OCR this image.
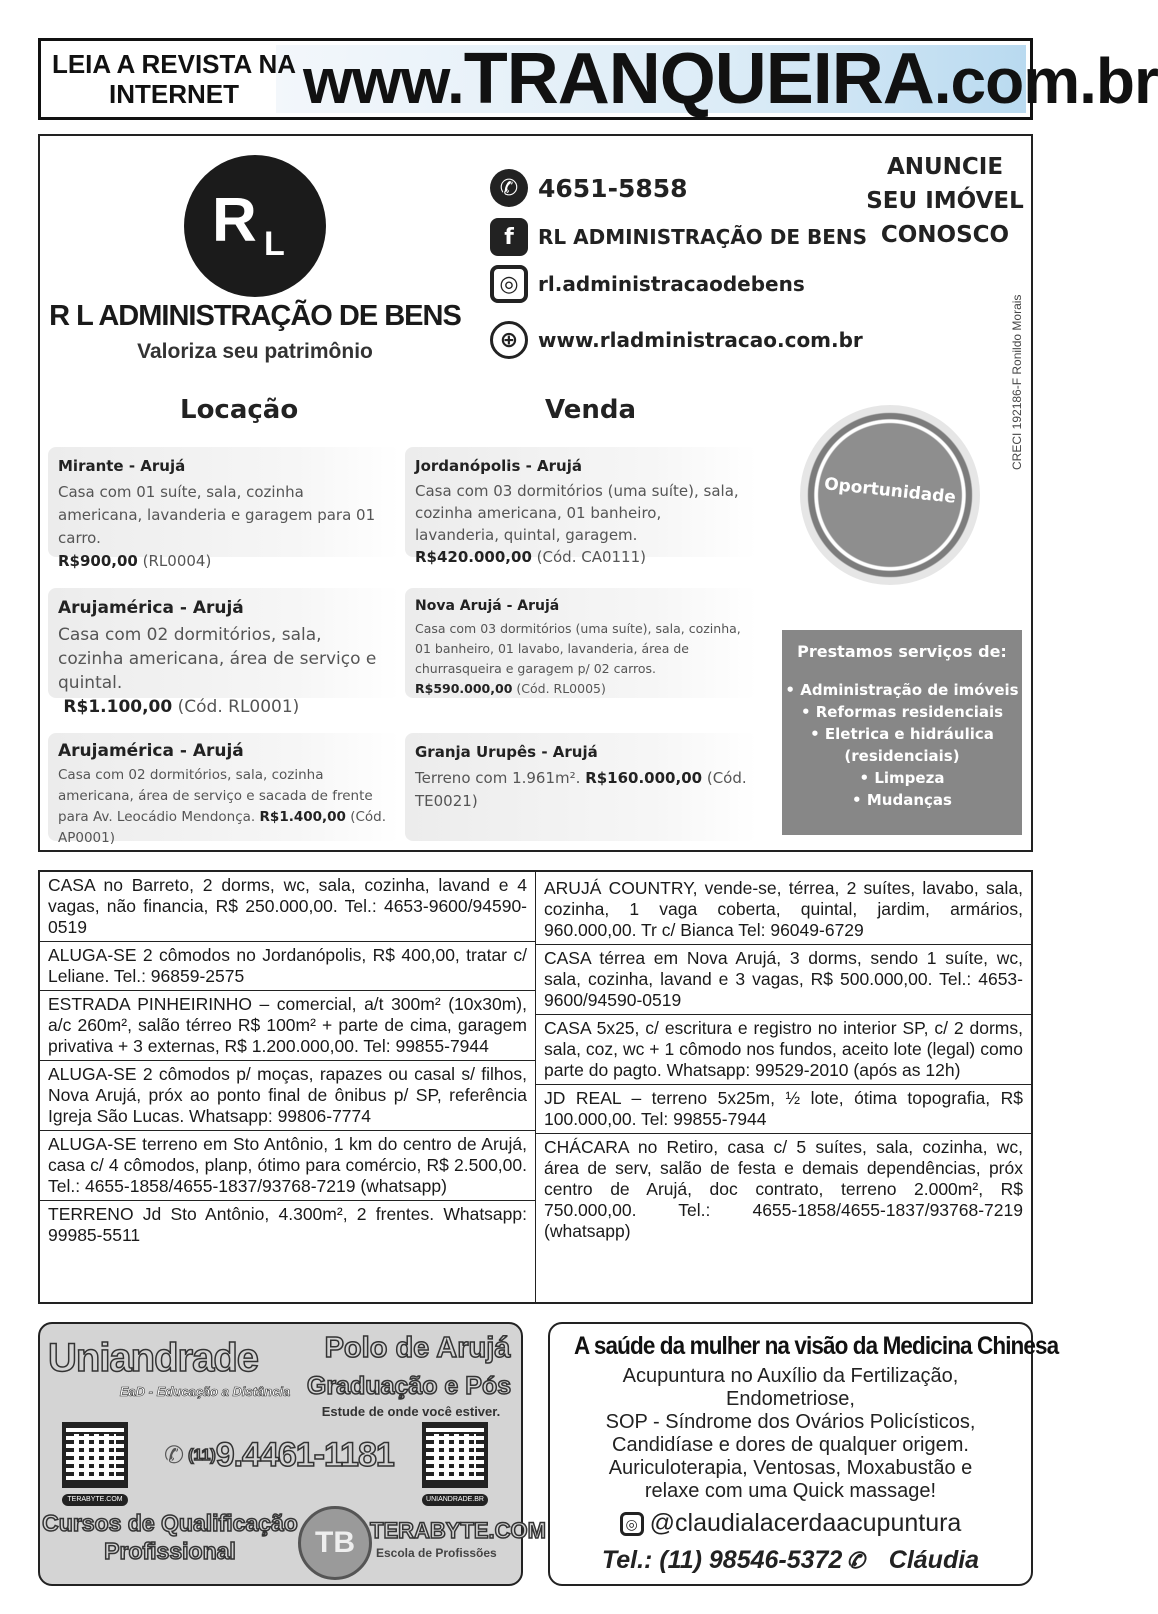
LEIA A REVISTA NA INTERNET	www.TRANQUEIRA.com.br
R L
R L ADMINISTRAÇÃO DE BENS
Valoriza seu patrimônio
✆ 4651-5858
f	RL ADMINISTRAÇÃO DE BENS
◎ rl.administracaodebens
⊕ www.rladministracao.com.br
ANUNCIE
SEU IMÓVEL
CONOSCO
CRECI 192186-F Ronildo Morais
Locação	Venda
Mirante - Arujá
Casa com 01 suíte, sala, cozinha americana, lavanderia e garagem para 01 carro.
R$900,00 (RL0004)
Arujamérica - Arujá
Casa com 02 dormitórios, sala, cozinha americana, área de serviço e quintal.
R$1.100,00 (Cód. RL0001)
Arujamérica - Arujá
Casa com 02 dormitórios, sala, cozinha americana, área de serviço e sacada de frente para Av. Leocádio Mendonça. R$1.400,00 (Cód. AP0001)
Jordanópolis - Arujá
Casa com 03 dormitórios (uma suíte), sala, cozinha americana, 01 banheiro, lavanderia, quintal, garagem. R$420.000,00 (Cód. CA0111)
Nova Arujá - Arujá
Casa com 03 dormitórios (uma suíte), sala, cozinha, 01 banheiro, 01 lavabo, lavanderia, área de churrasqueira e garagem p/ 02 carros. R$590.000,00 (Cód. RL0005)
Granja Urupês - Arujá
Terreno com 1.961m². R$160.000,00 (Cód. TE0021)
Oportunidade
Prestamos serviços de:
• Administração de imóveis
• Reformas residenciais
• Eletrica e hidráulica
(residenciais)
• Limpeza
• Mudanças
CASA no Barreto, 2 dorms, wc, sala, cozinha, lavand e 4 vagas, não financia, R$ 250.000,00. Tel.: 4653-9600/94590-0519
ALUGA-SE 2 cômodos no Jordanópolis, R$ 400,00, tratar c/ Leliane. Tel.: 96859-2575
ESTRADA PINHEIRINHO – comercial, a/t 300m² (10x30m), a/c 260m², salão térreo R$ 100m² + parte de cima, garagem privativa + 3 externas, R$ 1.200.000,00. Tel: 99855-7944
ALUGA-SE 2 cômodos p/ moças, rapazes ou casal s/ filhos, Nova Arujá, próx ao ponto final de ônibus p/ SP, referência Igreja São Lucas. Whatsapp: 99806-7774
ALUGA-SE terreno em Sto Antônio, 1 km do centro de Arujá, casa c/ 4 cômodos, planp, ótimo para comércio, R$ 2.500,00. Tel.: 4655-1858/4655-1837/93768-7219 (whatsapp)
TERRENO Jd Sto Antônio, 4.300m², 2 frentes. Whatsapp: 99985-5511
ARUJÁ COUNTRY, vende-se, térrea, 2 suítes, lavabo, sala, cozinha, 1 vaga coberta, quintal, jardim, armários, 960.000,00. Tr c/ Bianca Tel: 96049-6729
CASA térrea em Nova Arujá, 3 dorms, sendo 1 suíte, wc, sala, cozinha, lavand e 3 vagas, R$ 500.000,00. Tel.: 4653-9600/94590-0519
CASA 5x25, c/ escritura e registro no interior SP, c/ 2 dorms, sala, coz, wc + 1 cômodo nos fundos, aceito lote (legal) como parte do pagto. Whatsapp: 99529-2010 (após as 12h)
JD REAL – terreno 5x25m, ½ lote, ótima topografia, R$ 100.000,00. Tel: 99855-7944
CHÁCARA no Retiro, casa c/ 5 suítes, sala, cozinha, wc, área de serv, salão de festa e demais dependências, próx centro de Arujá, doc contrato, terreno 2.000m², R$ 750.000,00. Tel.: 4655-1858/4655-1837/93768-7219 (whatsapp)
Uniandrade
EaD - Educação a Distância
Polo de Arujá
Graduação e Pós
Estude de onde você estiver.
TERABYTE.COM	UNIANDRADE.BR
✆ (11) 9.4461-1181
Cursos de Qualificação
Profissional	TB TERABYTE.COM
Escola de Profissões
A saúde da mulher na visão da Medicina Chinesa
Acupuntura no Auxílio da Fertilização,
Endometriose,
SOP - Síndrome dos Ovários Policísticos,
Candidíase e dores de qualquer origem.
Auriculoterapia, Ventosas, Moxabustão e
relaxe com uma Quick massage!
◎ @claudialacerdaacupuntura
Tel.: (11) 98546-5372 ✆ Cláudia
